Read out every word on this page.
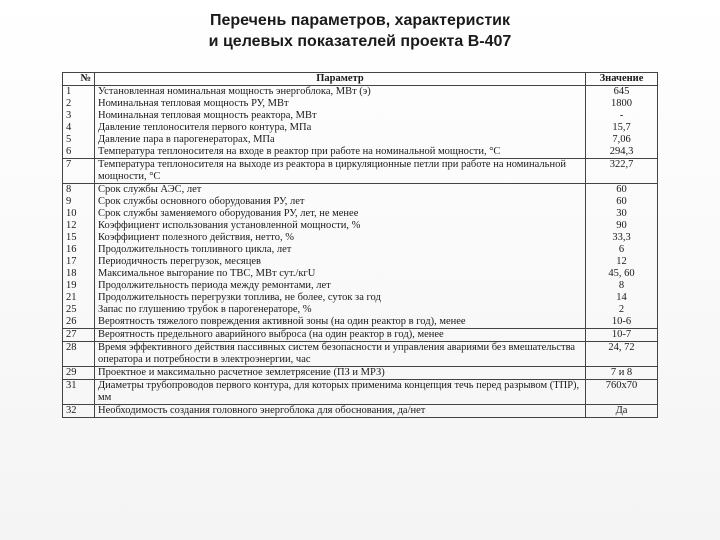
Перечень параметров, характеристик
и целевых показателей проекта В-407
№	Параметр	Значение
1	Установленная номинальная мощность энергоблока, МВт (э)	645
2	Номинальная тепловая мощность РУ, МВт	1800
3	Номинальная тепловая мощность реактора, МВт	-
4	Давление теплоносителя первого контура, МПа	15,7
5	Давление пара в парогенераторах, МПа	7,06
6	Температура теплоносителя на входе в реактор при работе на номинальной мощности, °С	294,3
7	Температура теплоносителя на выходе из реактора в циркуляционные петли при работе на номинальной мощности, °С	322,7
8	Срок службы АЭС, лет	60
9	Срок службы основного оборудования РУ, лет	60
10	Срок службы заменяемого оборудования РУ, лет, не менее	30
12	Коэффициент использования установленной мощности, %	90
15	Коэффициент полезного действия, нетто, %	33,3
16	Продолжительность топливного цикла, лет	6
17	Периодичность перегрузок, месяцев	12
18	Максимальное выгорание по ТВС, МВт сут./кгU	45, 60
19	Продолжительность периода между ремонтами, лет	8
21	Продолжительность перегрузки топлива, не более, суток за год	14
25	Запас по глушению трубок в парогенераторе, %	2
26	Вероятность тяжелого повреждения активной зоны (на один реактор в год), менее	10-6
27	Вероятность предельного аварийного выброса (на один реактор в год), менее	10-7
28	Время эффективного действия пассивных систем безопасности и управления авариями без вмешательства оператора и потребности в электроэнергии, час	24, 72
29	Проектное и максимально расчетное землетрясение (ПЗ и МРЗ)	7 и 8
31	Диаметры трубопроводов первого контура, для которых применима концепция течь перед разрывом (ТПР), мм	760х70
32	Необходимость создания головного энергоблока для обоснования, да/нет	Да
